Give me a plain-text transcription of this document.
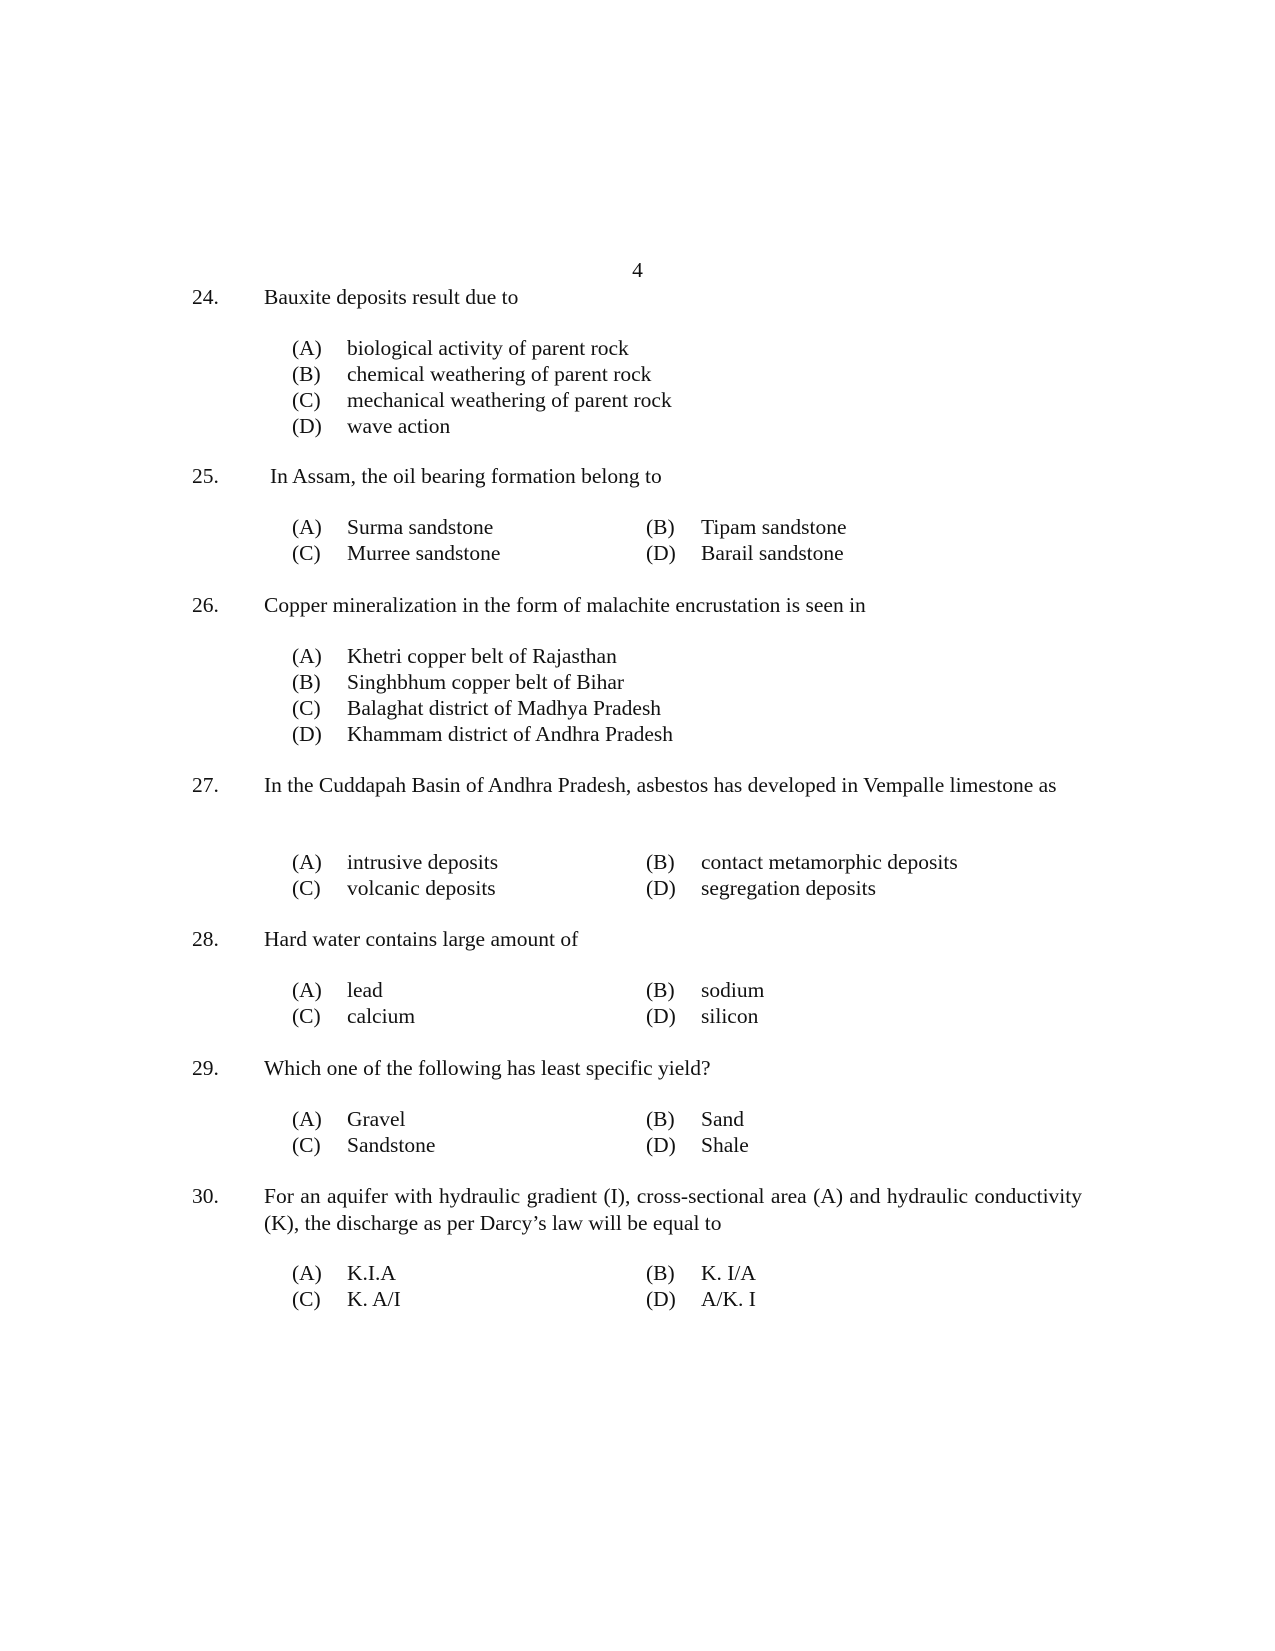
4
24. Bauxite deposits result due to
(A) biological activity of parent rock
(B) chemical weathering of parent rock
(C) mechanical weathering of parent rock
(D) wave action
25. In Assam, the oil bearing formation belong to
(A) Surma sandstone	(B) Tipam sandstone
(C) Murree sandstone	(D) Barail sandstone
26. Copper mineralization in the form of malachite encrustation is seen in
(A) Khetri copper belt of Rajasthan
(B) Singhbhum copper belt of Bihar
(C) Balaghat district of Madhya Pradesh
(D) Khammam district of Andhra Pradesh
27. In the Cuddapah Basin of Andhra Pradesh, asbestos has developed in Vempalle limestone as
(A) intrusive deposits	(B) contact metamorphic deposits
(C) volcanic deposits	(D) segregation deposits
28. Hard water contains large amount of
(A) lead	(B) sodium
(C) calcium	(D) silicon
29. Which one of the following has least specific yield?
(A) Gravel	(B) Sand
(C) Sandstone	(D) Shale
30. For an aquifer with hydraulic gradient (I), cross-sectional area (A) and hydraulic conductivity (K), the discharge as per Darcy’s law will be equal to
(A) K.I.A	(B) K. I/A
(C) K. A/I	(D) A/K. I
